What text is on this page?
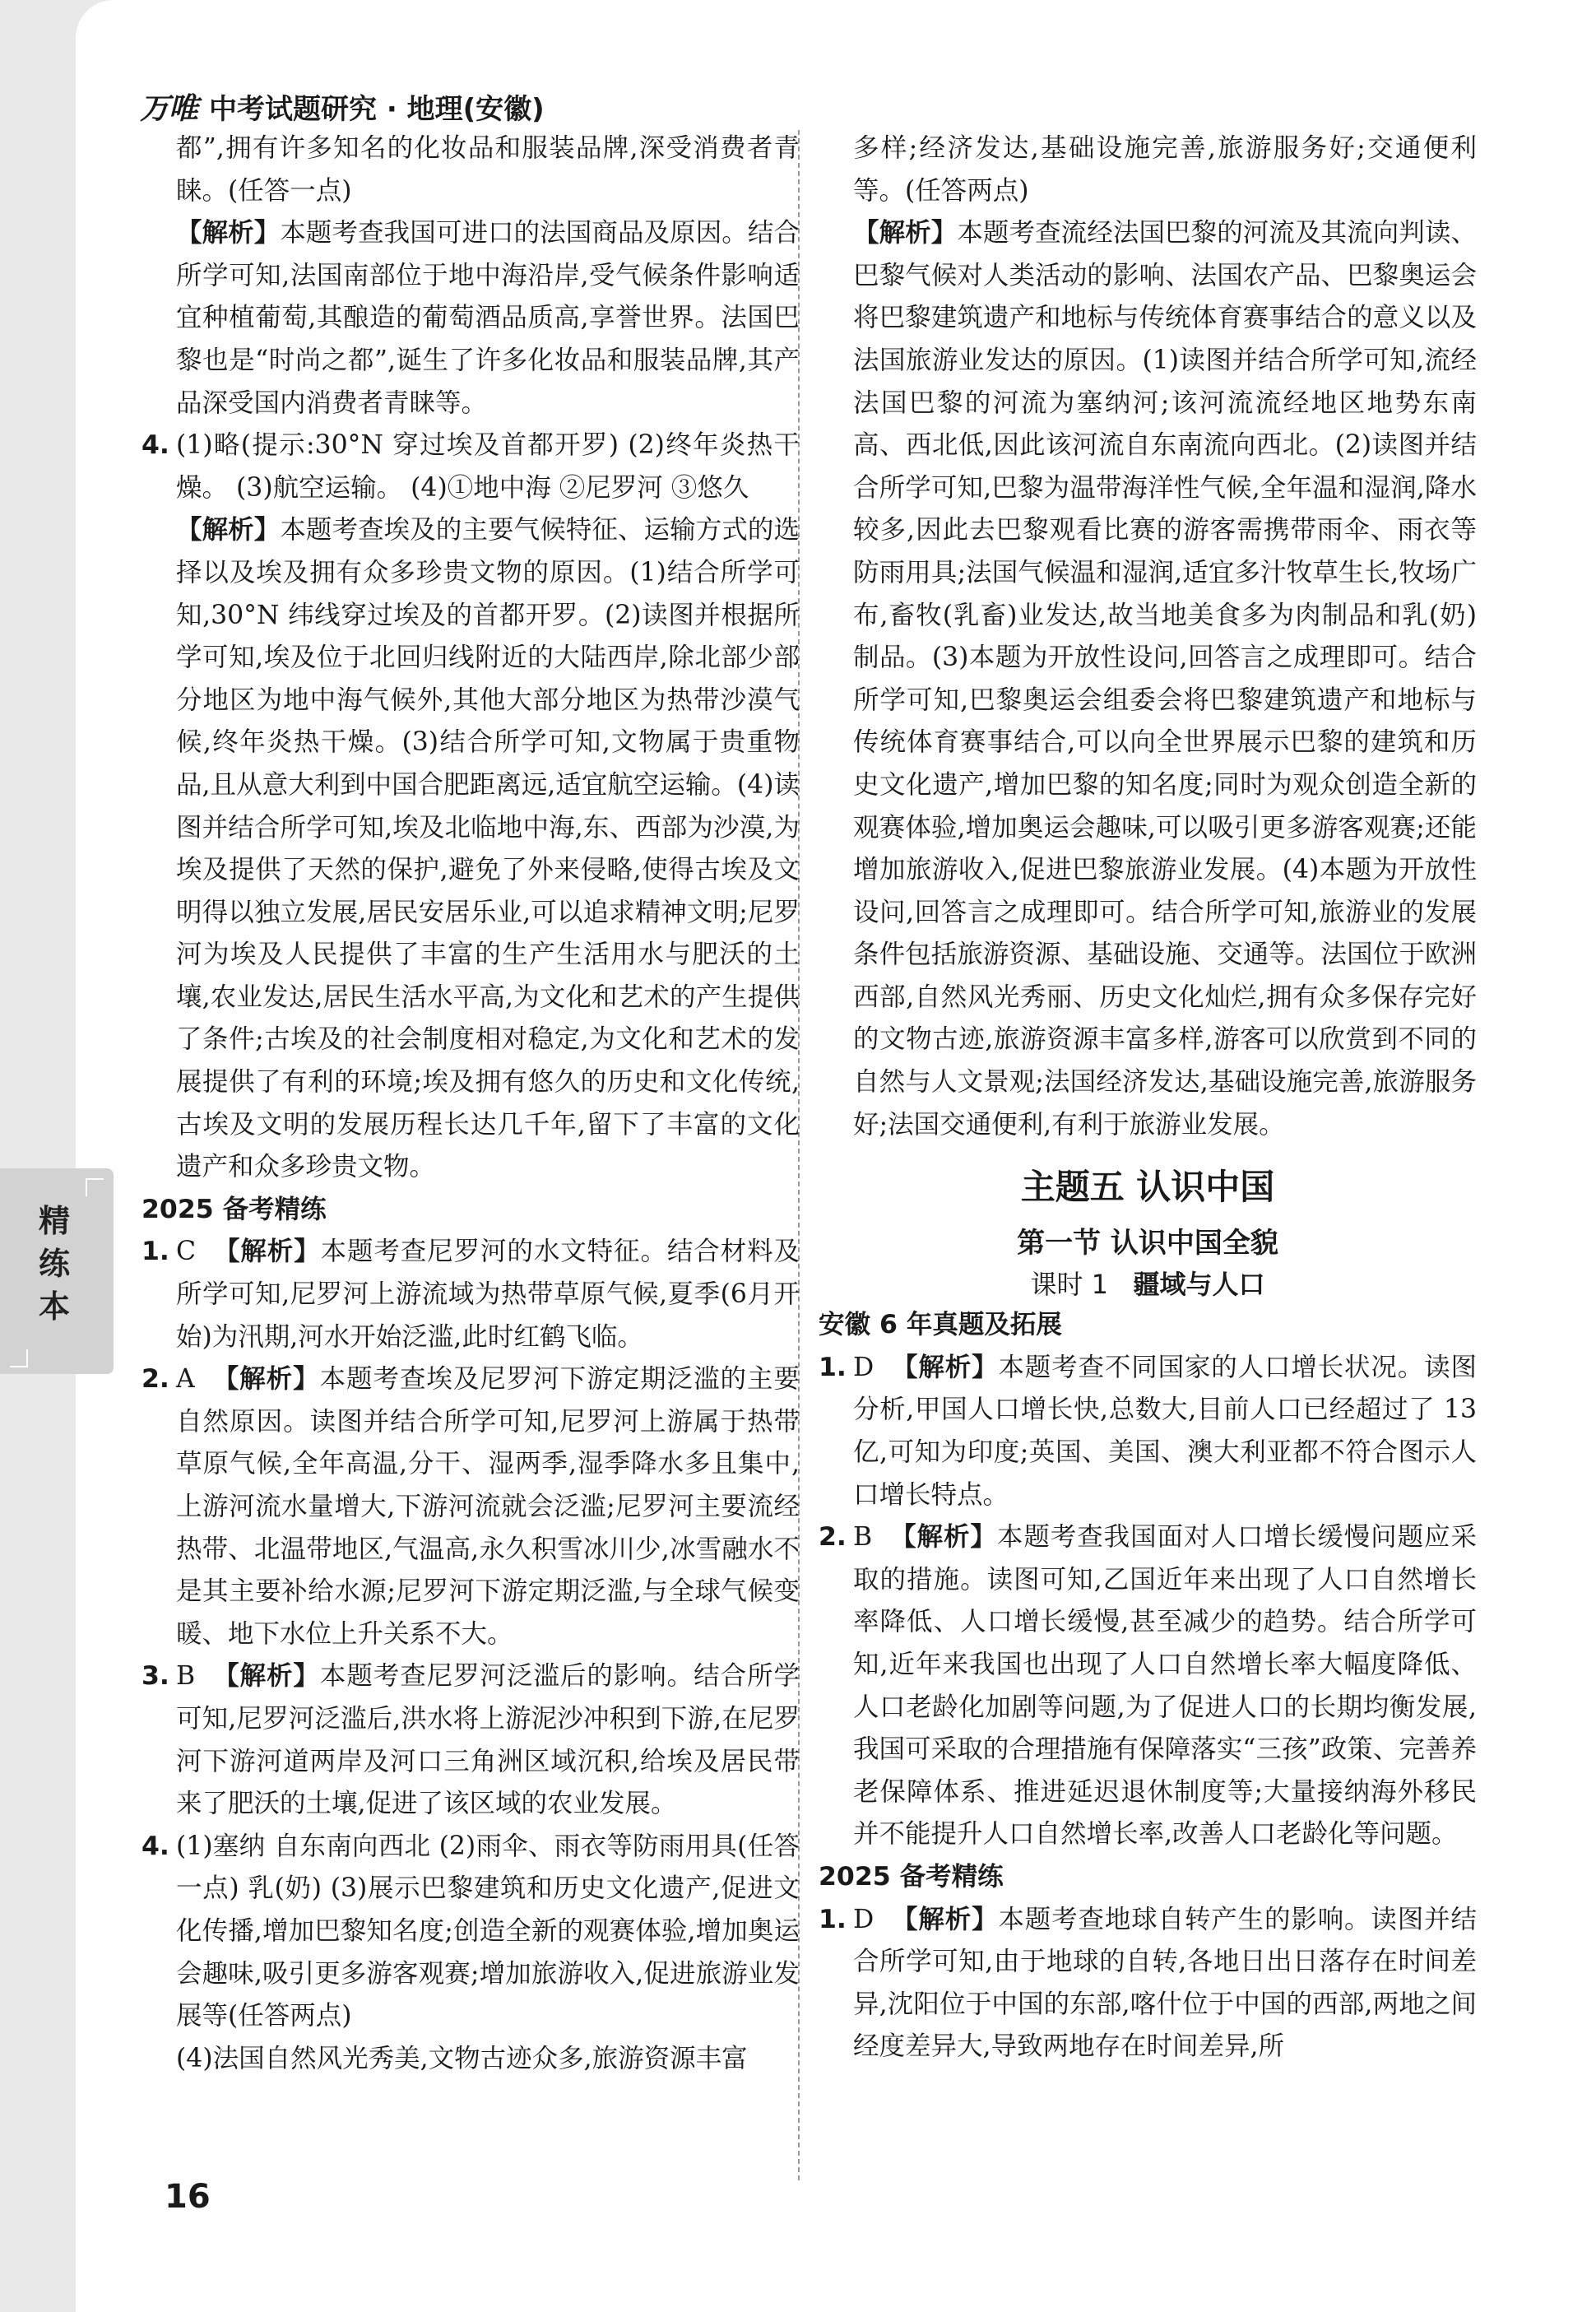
万唯 中考试题研究 · 地理(安徽)

都”,拥有许多知名的化妆品和服装品牌,深受消费者青睐。(任答一点)

【解析】本题考查我国可进口的法国商品及原因。结合所学可知,法国南部位于地中海沿岸,受气候条件影响适宜种植葡萄,其酿造的葡萄酒品质高,享誉世界。法国巴黎也是“时尚之都”,诞生了许多化妆品和服装品牌,其产品深受国内消费者青睐等。

4. (1)略(提示:30°N 穿过埃及首都开罗) (2)终年炎热干燥。 (3)航空运输。 (4)①地中海 ②尼罗河 ③悠久

【解析】本题考查埃及的主要气候特征、运输方式的选择以及埃及拥有众多珍贵文物的原因。(1)结合所学可知,30°N 纬线穿过埃及的首都开罗。(2)读图并根据所学可知,埃及位于北回归线附近的大陆西岸,除北部少部分地区为地中海气候外,其他大部分地区为热带沙漠气候,终年炎热干燥。(3)结合所学可知,文物属于贵重物品,且从意大利到中国合肥距离远,适宜航空运输。(4)读图并结合所学可知,埃及北临地中海,东、西部为沙漠,为埃及提供了天然的保护,避免了外来侵略,使得古埃及文明得以独立发展,居民安居乐业,可以追求精神文明;尼罗河为埃及人民提供了丰富的生产生活用水与肥沃的土壤,农业发达,居民生活水平高,为文化和艺术的产生提供了条件;古埃及的社会制度相对稳定,为文化和艺术的发展提供了有利的环境;埃及拥有悠久的历史和文化传统,古埃及文明的发展历程长达几千年,留下了丰富的文化遗产和众多珍贵文物。

2025 备考精练
1. C 【解析】本题考查尼罗河的水文特征。结合材料及所学可知,尼罗河上游流域为热带草原气候,夏季(6月开始)为汛期,河水开始泛滥,此时红鹤飞临。

2. A 【解析】本题考查埃及尼罗河下游定期泛滥的主要自然原因。读图并结合所学可知,尼罗河上游属于热带草原气候,全年高温,分干、湿两季,湿季降水多且集中,上游河流水量增大,下游河流就会泛滥;尼罗河主要流经热带、北温带地区,气温高,永久积雪冰川少,冰雪融水不是其主要补给水源;尼罗河下游定期泛滥,与全球气候变暖、地下水位上升关系不大。

3. B 【解析】本题考查尼罗河泛滥后的影响。结合所学可知,尼罗河泛滥后,洪水将上游泥沙冲积到下游,在尼罗河下游河道两岸及河口三角洲区域沉积,给埃及居民带来了肥沃的土壤,促进了该区域的农业发展。

4. (1)塞纳 自东南向西北 (2)雨伞、雨衣等防雨用具(任答一点) 乳(奶) (3)展示巴黎建筑和历史文化遗产,促进文化传播,增加巴黎知名度;创造全新的观赛体验,增加奥运会趣味,吸引更多游客观赛;增加旅游收入,促进旅游业发展等(任答两点)

(4)法国自然风光秀美,文物古迹众多,旅游资源丰富

多样;经济发达,基础设施完善,旅游服务好;交通便利等。(任答两点)

【解析】本题考查流经法国巴黎的河流及其流向判读、巴黎气候对人类活动的影响、法国农产品、巴黎奥运会将巴黎建筑遗产和地标与传统体育赛事结合的意义以及法国旅游业发达的原因。(1)读图并结合所学可知,流经法国巴黎的河流为塞纳河;该河流流经地区地势东南高、西北低,因此该河流自东南流向西北。(2)读图并结合所学可知,巴黎为温带海洋性气候,全年温和湿润,降水较多,因此去巴黎观看比赛的游客需携带雨伞、雨衣等防雨用具;法国气候温和湿润,适宜多汁牧草生长,牧场广布,畜牧(乳畜)业发达,故当地美食多为肉制品和乳(奶)制品。(3)本题为开放性设问,回答言之成理即可。结合所学可知,巴黎奥运会组委会将巴黎建筑遗产和地标与传统体育赛事结合,可以向全世界展示巴黎的建筑和历史文化遗产,增加巴黎的知名度;同时为观众创造全新的观赛体验,增加奥运会趣味,可以吸引更多游客观赛;还能增加旅游收入,促进巴黎旅游业发展。(4)本题为开放性设问,回答言之成理即可。结合所学可知,旅游业的发展条件包括旅游资源、基础设施、交通等。法国位于欧洲西部,自然风光秀丽、历史文化灿烂,拥有众多保存完好的文物古迹,旅游资源丰富多样,游客可以欣赏到不同的自然与人文景观;法国经济发达,基础设施完善,旅游服务好;法国交通便利,有利于旅游业发展。

主题五 认识中国
第一节 认识中国全貌
课时 1 疆域与人口
安徽 6 年真题及拓展
1. D 【解析】本题考查不同国家的人口增长状况。读图分析,甲国人口增长快,总数大,目前人口已经超过了 13 亿,可知为印度;英国、美国、澳大利亚都不符合图示人口增长特点。

2. B 【解析】本题考查我国面对人口增长缓慢问题应采取的措施。读图可知,乙国近年来出现了人口自然增长率降低、人口增长缓慢,甚至减少的趋势。结合所学可知,近年来我国也出现了人口自然增长率大幅度降低、人口老龄化加剧等问题,为了促进人口的长期均衡发展,我国可采取的合理措施有保障落实“三孩”政策、完善养老保障体系、推进延迟退休制度等;大量接纳海外移民并不能提升人口自然增长率,改善人口老龄化等问题。

2025 备考精练
1. D 【解析】本题考查地球自转产生的影响。读图并结合所学可知,由于地球的自转,各地日出日落存在时间差异,沈阳位于中国的东部,喀什位于中国的西部,两地之间经度差异大,导致两地存在时间差异,所

精练本
16
